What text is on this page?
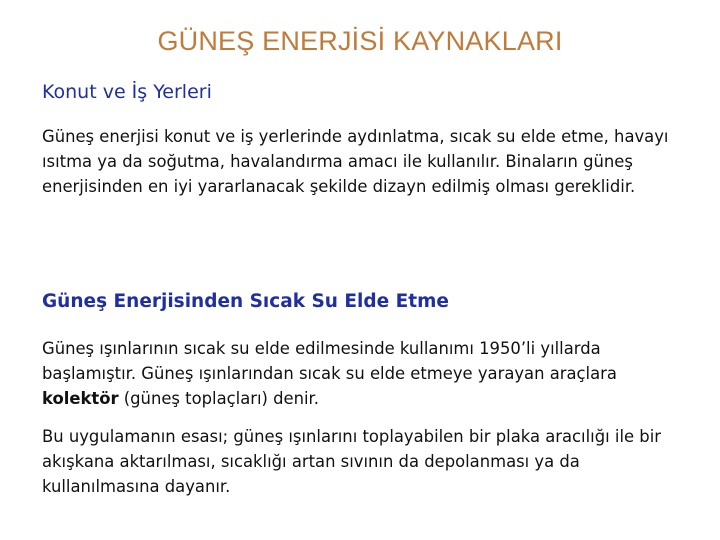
GÜNEŞ ENERJİSİ KAYNAKLARI
Konut ve İş Yerleri

Güneş enerjisi konut ve iş yerlerinde aydınlatma, sıcak su elde etme, havayı ısıtma ya da soğutma, havalandırma amacı ile kullanılır. Binaların güneş enerjisinden en iyi yararlanacak şekilde dizayn edilmiş olması gereklidir.

Güneş Enerjisinden Sıcak Su Elde Etme

Güneş ışınlarının sıcak su elde edilmesinde kullanımı 1950’li yıllarda başlamıştır. Güneş ışınlarından sıcak su elde etmeye yarayan araçlara kolektör (güneş toplaçları) denir.

Bu uygulamanın esası; güneş ışınlarını toplayabilen bir plaka aracılığı ile bir akışkana aktarılması, sıcaklığı artan sıvının da depolanması ya da kullanılmasına dayanır.
